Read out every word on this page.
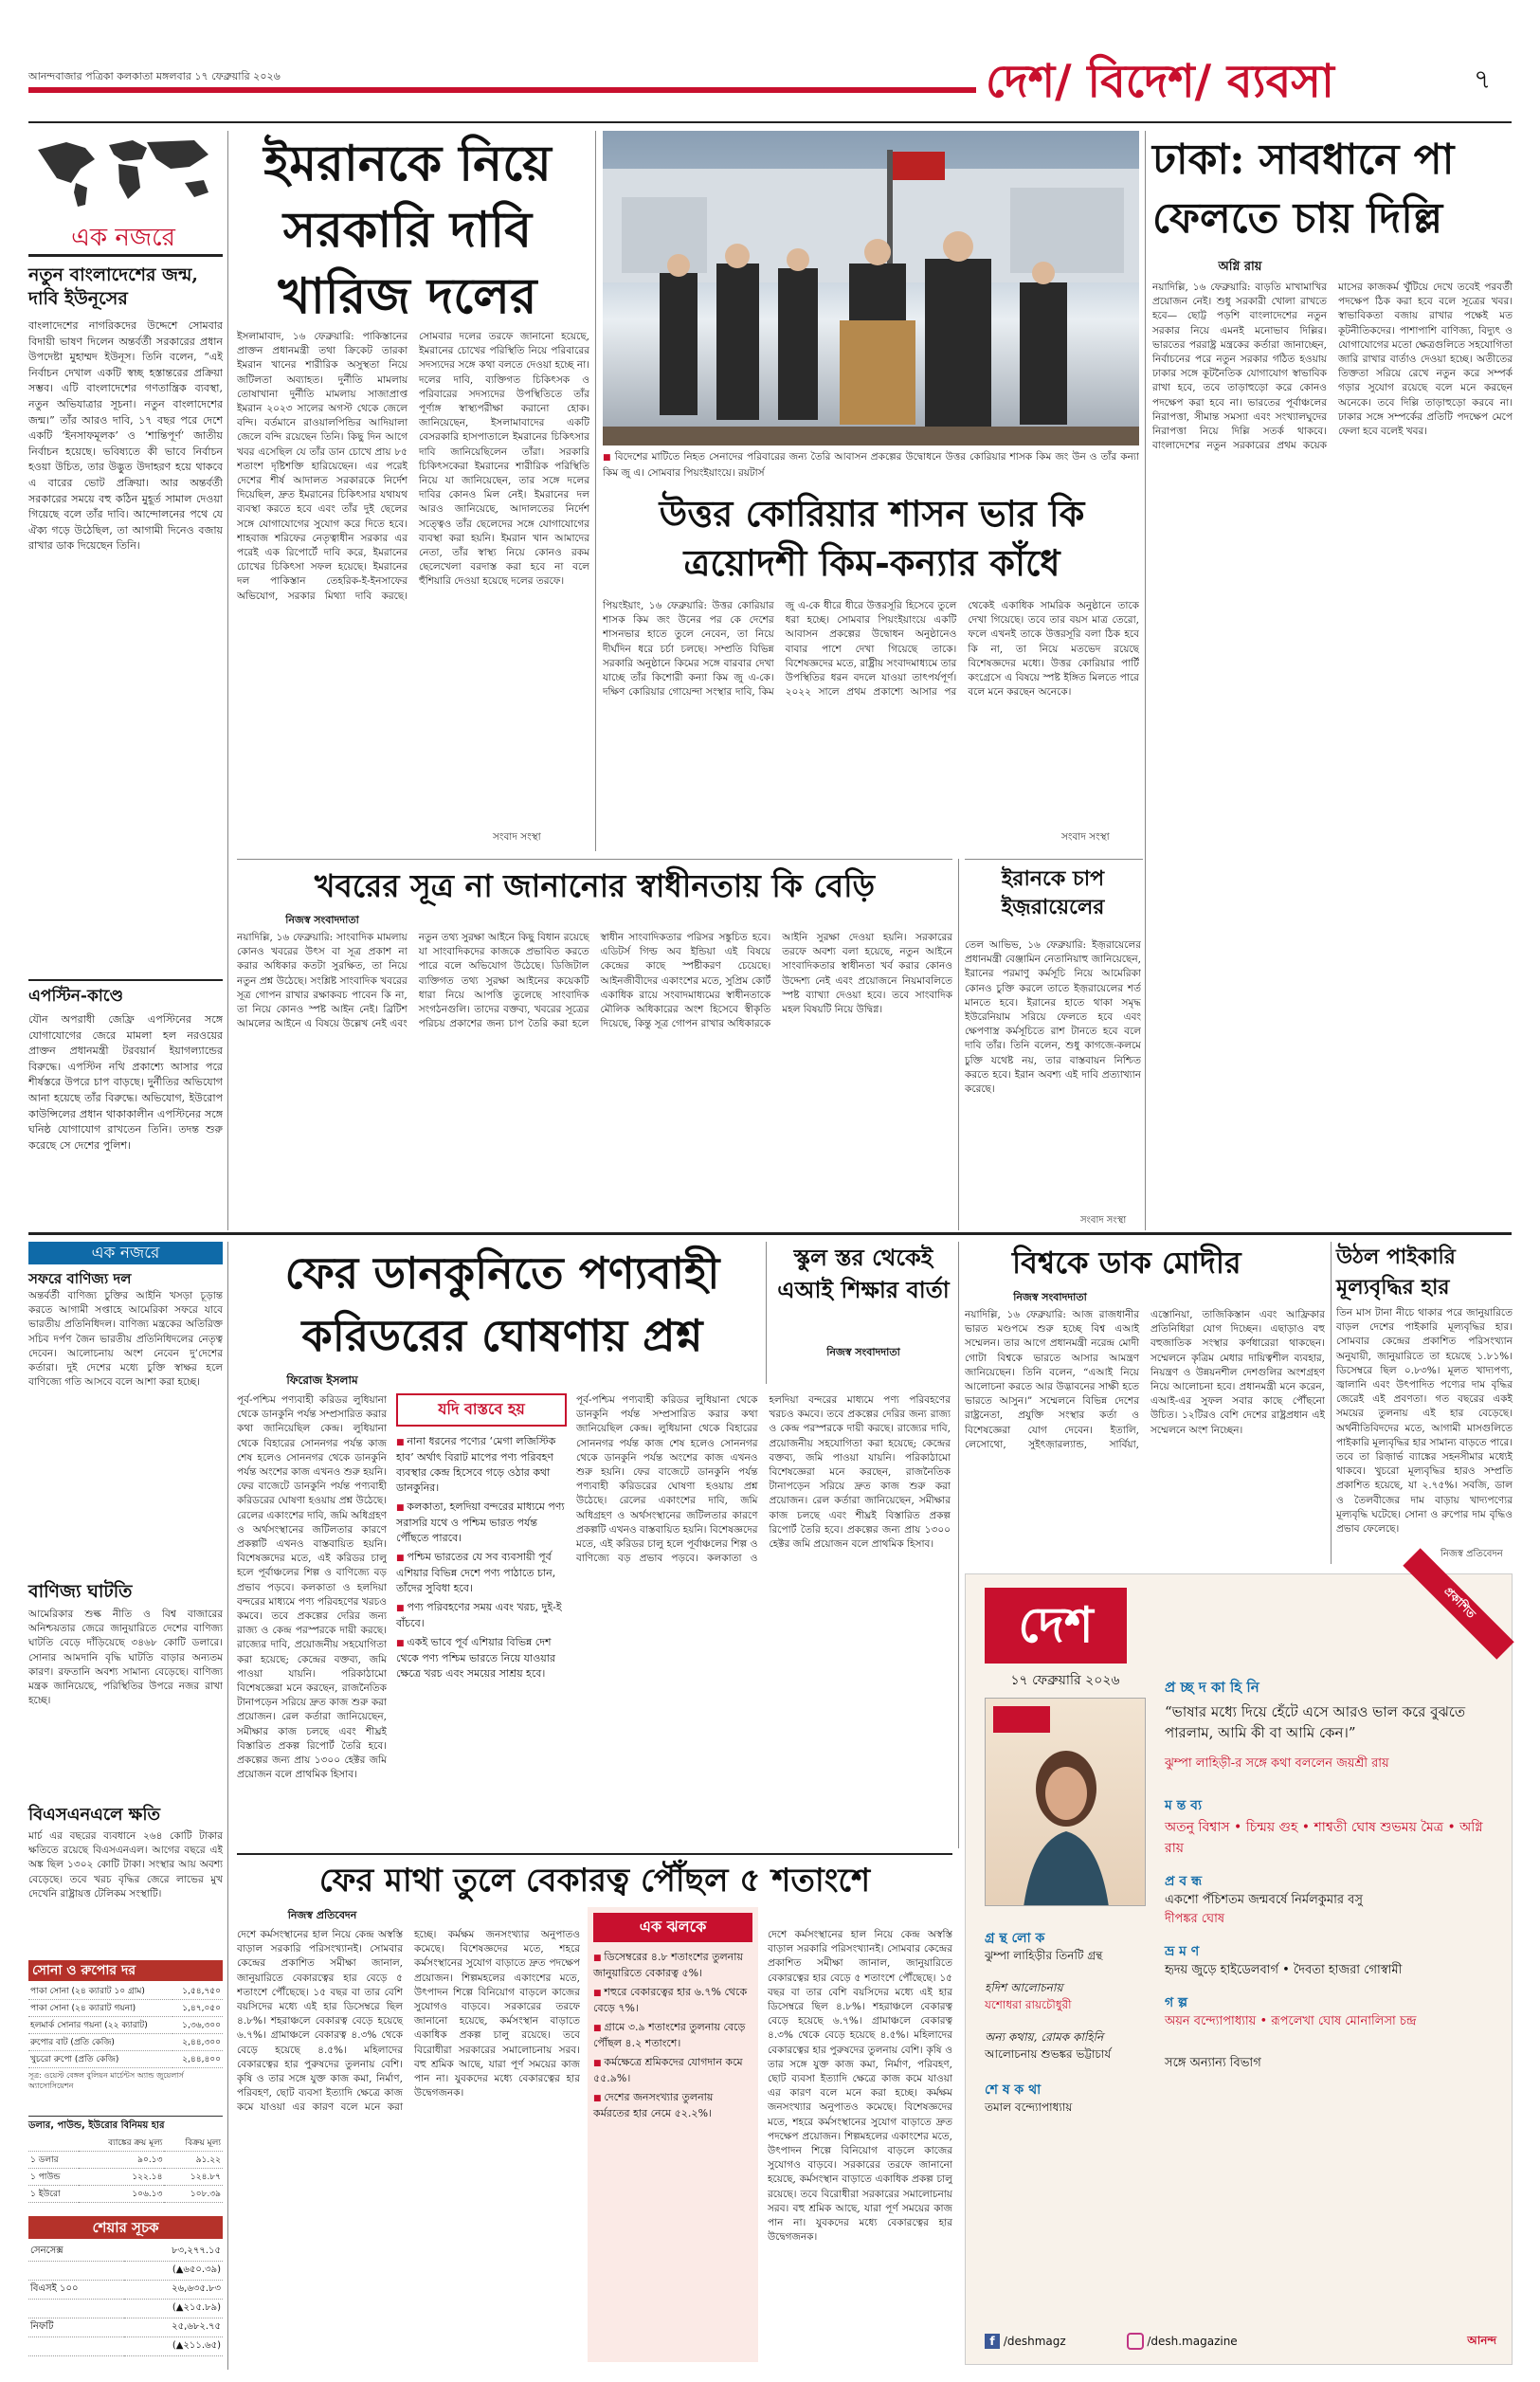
আনন্দবাজার পত্রিকা কলকাতা মঙ্গলবার ১৭ ফেব্রুয়ারি ২০২৬	দেশ/ বিদেশ/ ব্যবসা	৭
এক নজরে
নতুন বাংলাদেশের জন্ম, দাবি ইউনূসের
বাংলাদেশের নাগরিকদের উদ্দেশে সোমবার বিদায়ী ভাষণ দিলেন অন্তর্বর্তী সরকারের প্রধান উপদেষ্টা মুহাম্মদ ইউনূস। তিনি বলেন, “এই নির্বাচন দেখাল একটি স্বচ্ছ হস্তান্তরের প্রক্রিয়া সম্ভব। এটি বাংলাদেশের গণতান্ত্রিক ব্যবস্থা, নতুন অভিযাত্রার সূচনা। নতুন বাংলাদেশের জন্ম।” তাঁর আরও দাবি, ১৭ বছর পরে দেশে একটি ‘ইনসাফমূলক’ ও ‘শান্তিপূর্ণ’ জাতীয় নির্বাচন হয়েছে। ভবিষ্যতে কী ভাবে নির্বাচন হওয়া উচিত, তার উদ্ভুত উদাহরণ হয়ে থাকবে এ বারের ভোট প্রক্রিয়া। আর অন্তর্বর্তী সরকারের সময়ে বহু কঠিন মুহূর্ত সামাল দেওয়া গিয়েছে বলে তাঁর দাবি। আন্দোলনের পথে যে ঐক্য গড়ে উঠেছিল, তা আগামী দিনেও বজায় রাখার ডাক দিয়েছেন তিনি।
এপস্টিন-কাণ্ডে
যৌন অপরাধী জেফ্রি এপস্টিনের সঙ্গে যোগাযোগের জেরে মামলা হল নরওয়ের প্রাক্তন প্রধানমন্ত্রী টরবয়ার্ন ইয়াগল্যান্ডের বিরুদ্ধে। এপস্টিন নথি প্রকাশ্যে আসার পরে শীর্ষস্তরে উপরে চাপ বাড়ছে। দুর্নীতির অভিযোগ আনা হয়েছে তাঁর বিরুদ্ধে। অভিযোগ, ইউরোপ কাউন্সিলের প্রধান থাকাকালীন এপস্টিনের সঙ্গে ঘনিষ্ঠ যোগাযোগ রাখতেন তিনি। তদন্ত শুরু করেছে সে দেশের পুলিশ।
ইমরানকে নিয়ে সরকারি দাবি খারিজ দলের
ইসলামাবাদ, ১৬ ফেব্রুয়ারি: পাকিস্তানের প্রাক্তন প্রধানমন্ত্রী তথা ক্রিকেট তারকা ইমরান খানের শারীরিক অসুস্থতা নিয়ে জটিলতা অব্যাহত। দুর্নীতি মামলায় তোষাখানা দুর্নীতি মামলায় সাজাপ্রাপ্ত ইমরান ২০২৩ সালের অগস্ট থেকে জেলে বন্দি। বর্তমানে রাওয়ালপিন্ডির আদিয়ালা জেলে বন্দি রয়েছেন তিনি। কিছু দিন আগে খবর এসেছিল যে তাঁর ডান চোখে প্রায় ৮৫ শতাংশ দৃষ্টিশক্তি হারিয়েছেন। এর পরেই দেশের শীর্ষ আদালত সরকারকে নির্দেশ দিয়েছিল, দ্রুত ইমরানের চিকিৎসার যথাযথ ব্যবস্থা করতে হবে এবং তাঁর দুই ছেলের সঙ্গে যোগাযোগের সুযোগ করে দিতে হবে। শাহবাজ শরিফের নেতৃত্বাধীন সরকার এর পরেই এক রিপোর্টে দাবি করে, ইমরানের চোখের চিকিৎসা সফল হয়েছে। ইমরানের দল পাকিস্তান তেহরিক-ই-ইনসাফের অভিযোগ, সরকার মিথ্যা দাবি করছে। সোমবার দলের তরফে জানানো হয়েছে, ইমরানের চোখের পরিস্থিতি নিয়ে পরিবারের সদস্যদের সঙ্গে কথা বলতে দেওয়া হচ্ছে না। দলের দাবি, ব্যক্তিগত চিকিৎসক ও পরিবারের সদস্যদের উপস্থিতিতে তাঁর পূর্ণাঙ্গ স্বাস্থ্যপরীক্ষা করানো হোক। জানিয়েছেন, ইসলামাবাদের একটি বেসরকারি হাসপাতালে ইমরানের চিকিৎসার দাবি জানিয়েছিলেন তাঁরা। সরকারি চিকিৎসকেরা ইমরানের শারীরিক পরিস্থিতি নিয়ে যা জানিয়েছেন, তার সঙ্গে দলের দাবির কোনও মিল নেই। ইমরানের দল আরও জানিয়েছে, আদালতের নির্দেশ সত্ত্বেও তাঁর ছেলেদের সঙ্গে যোগাযোগের ব্যবস্থা করা হয়নি। ইমরান খান আমাদের নেতা, তাঁর স্বাস্থ্য নিয়ে কোনও রকম ছেলেখেলা বরদাস্ত করা হবে না বলে হুঁশিয়ারি দেওয়া হয়েছে দলের তরফে।
সংবাদ সংস্থা
■ বিদেশের মাটিতে নিহত সেনাদের পরিবারের জন্য তৈরি আবাসন প্রকল্পের উদ্বোধনে উত্তর কোরিয়ার শাসক কিম জং উন ও তাঁর কন্যা কিম জু এ। সোমবার পিয়ংইয়াংয়ে। রয়টার্স
উত্তর কোরিয়ার শাসন ভার কি ত্রয়োদশী কিম-কন্যার কাঁধে
পিয়ংইয়াং, ১৬ ফেব্রুয়ারি: উত্তর কোরিয়ার শাসক কিম জং উনের পর কে দেশের শাসনভার হাতে তুলে নেবেন, তা নিয়ে দীর্ঘদিন ধরে চর্চা চলছে। সম্প্রতি বিভিন্ন সরকারি অনুষ্ঠানে কিমের সঙ্গে বারবার দেখা যাচ্ছে তাঁর কিশোরী কন্যা কিম জু এ-কে। দক্ষিণ কোরিয়ার গোয়েন্দা সংস্থার দাবি, কিম জু এ-কে ধীরে ধীরে উত্তরসূরি হিসেবে তুলে ধরা হচ্ছে। সোমবার পিয়ংইয়াংয়ে একটি আবাসন প্রকল্পের উদ্বোধন অনুষ্ঠানেও বাবার পাশে দেখা গিয়েছে তাকে। বিশেষজ্ঞদের মতে, রাষ্ট্রীয় সংবাদমাধ্যমে তার উপস্থিতির ধরন বদলে যাওয়া তাৎপর্যপূর্ণ। ২০২২ সালে প্রথম প্রকাশ্যে আসার পর থেকেই একাধিক সামরিক অনুষ্ঠানে তাকে দেখা গিয়েছে। তবে তার বয়স মাত্র তেরো, ফলে এখনই তাকে উত্তরসূরি বলা ঠিক হবে কি না, তা নিয়ে মতভেদ রয়েছে বিশেষজ্ঞদের মধ্যে। উত্তর কোরিয়ার পার্টি কংগ্রেসে এ বিষয়ে স্পষ্ট ইঙ্গিত মিলতে পারে বলে মনে করছেন অনেকে।
সংবাদ সংস্থা
ঢাকা: সাবধানে পা ফেলতে চায় দিল্লি
অগ্নি রায়
নয়াদিল্লি, ১৬ ফেব্রুয়ারি: বাড়তি মাখামাখির প্রয়োজন নেই। শুধু সরকারী খোলা রাখতে হবে— ছোট্ট পড়শি বাংলাদেশের নতুন সরকার নিয়ে এমনই মনোভাব দিল্লির। ভারতের পররাষ্ট্র মন্ত্রকের কর্তারা জানাচ্ছেন, নির্বাচনের পরে নতুন সরকার গঠিত হওয়ায় ঢাকার সঙ্গে কূটনৈতিক যোগাযোগ স্বাভাবিক রাখা হবে, তবে তাড়াহুড়ো করে কোনও পদক্ষেপ করা হবে না। ভারতের পূর্বাঞ্চলের নিরাপত্তা, সীমান্ত সমস্যা এবং সংখ্যালঘুদের নিরাপত্তা নিয়ে দিল্লি সতর্ক থাকবে। বাংলাদেশের নতুন সরকারের প্রথম কয়েক মাসের কাজকর্ম খুঁটিয়ে দেখে তবেই পরবর্তী পদক্ষেপ ঠিক করা হবে বলে সূত্রের খবর। স্বাভাবিকতা বজায় রাখার পক্ষেই মত কূটনীতিকদের। পাশাপাশি বাণিজ্য, বিদ্যুৎ ও যোগাযোগের মতো ক্ষেত্রগুলিতে সহযোগিতা জারি রাখার বার্তাও দেওয়া হচ্ছে। অতীতের তিক্ততা সরিয়ে রেখে নতুন করে সম্পর্ক গড়ার সুযোগ রয়েছে বলে মনে করছেন অনেকে। তবে দিল্লি তাড়াহুড়ো করবে না। ঢাকার সঙ্গে সম্পর্কের প্রতিটি পদক্ষেপ মেপে ফেলা হবে বলেই খবর।
ইরানকে চাপ ইজ়রায়েলের
তেল আভিভ, ১৬ ফেব্রুয়ারি: ইজ়রায়েলের প্রধানমন্ত্রী বেঞ্জামিন নেতানিয়াহু জানিয়েছেন, ইরানের পরমাণু কর্মসূচি নিয়ে আমেরিকা কোনও চুক্তি করলে তাতে ইজ়রায়েলের শর্ত মানতে হবে। ইরানের হাতে থাকা সমৃদ্ধ ইউরেনিয়াম সরিয়ে ফেলতে হবে এবং ক্ষেপণাস্ত্র কর্মসূচিতে রাশ টানতে হবে বলে দাবি তাঁর। তিনি বলেন, শুধু কাগজে-কলমে চুক্তি যথেষ্ট নয়, তার বাস্তবায়ন নিশ্চিত করতে হবে। ইরান অবশ্য এই দাবি প্রত্যাখ্যান করেছে।
সংবাদ সংস্থা
খবরের সূত্র না জানানোর স্বাধীনতায় কি বেড়ি
নিজস্ব সংবাদদাতা
নয়াদিল্লি, ১৬ ফেব্রুয়ারি: সাংবাদিক মামলায় কোনও খবরের উৎস বা সূত্র প্রকাশ না করার অধিকার কতটা সুরক্ষিত, তা নিয়ে নতুন প্রশ্ন উঠেছে। সংশ্লিষ্ট সাংবাদিক খবরের সূত্র গোপন রাখার রক্ষাকবচ পাবেন কি না, তা নিয়ে কোনও স্পষ্ট আইন নেই। ব্রিটিশ আমলের আইনে এ বিষয়ে উল্লেখ নেই এবং নতুন তথ্য সুরক্ষা আইনে কিছু বিধান রয়েছে যা সাংবাদিকদের কাজকে প্রভাবিত করতে পারে বলে অভিযোগ উঠেছে। ডিজিটাল ব্যক্তিগত তথ্য সুরক্ষা আইনের কয়েকটি ধারা নিয়ে আপত্তি তুলেছে সাংবাদিক সংগঠনগুলি। তাদের বক্তব্য, খবরের সূত্রের পরিচয় প্রকাশের জন্য চাপ তৈরি করা হলে স্বাধীন সাংবাদিকতার পরিসর সঙ্কুচিত হবে। এডিটর্স গিল্ড অব ইন্ডিয়া এই বিষয়ে কেন্দ্রের কাছে স্পষ্টীকরণ চেয়েছে। আইনজীবীদের একাংশের মতে, সুপ্রিম কোর্ট একাধিক রায়ে সংবাদমাধ্যমের স্বাধীনতাকে মৌলিক অধিকারের অংশ হিসেবে স্বীকৃতি দিয়েছে, কিন্তু সূত্র গোপন রাখার অধিকারকে আইনি সুরক্ষা দেওয়া হয়নি। সরকারের তরফে অবশ্য বলা হয়েছে, নতুন আইনে সাংবাদিকতার স্বাধীনতা খর্ব করার কোনও উদ্দেশ্য নেই এবং প্রয়োজনে নিয়মাবলিতে স্পষ্ট ব্যাখ্যা দেওয়া হবে। তবে সাংবাদিক মহল বিষয়টি নিয়ে উদ্বিগ্ন।
এক নজরে
সফরে বাণিজ্য দল
অন্তর্বর্তী বাণিজ্য চুক্তির আইনি খসড়া চূড়ান্ত করতে আগামী সপ্তাহে আমেরিকা সফরে যাবে ভারতীয় প্রতিনিধিদল। বাণিজ্য মন্ত্রকের অতিরিক্ত সচিব দর্পণ জৈন ভারতীয় প্রতিনিধিদলের নেতৃত্ব দেবেন। আলোচনায় অংশ নেবেন দু’দেশের কর্তারা। দুই দেশের মধ্যে চুক্তি স্বাক্ষর হলে বাণিজ্যে গতি আসবে বলে আশা করা হচ্ছে।
বাণিজ্য ঘাটতি
আমেরিকার শুল্ক নীতি ও বিশ্ব বাজারের অনিশ্চয়তার জেরে জানুয়ারিতে দেশের বাণিজ্য ঘাটতি বেড়ে দাঁড়িয়েছে ৩৪৬৮ কোটি ডলারে। সোনার আমদানি বৃদ্ধি ঘাটতি বাড়ার অন্যতম কারণ। রফতানি অবশ্য সামান্য বেড়েছে। বাণিজ্য মন্ত্রক জানিয়েছে, পরিস্থিতির উপরে নজর রাখা হচ্ছে।
বিএসএনএলে ক্ষতি
মার্চ এর বছরের ব্যবধানে ২৬৪ কোটি টাকার ক্ষতিতে রয়েছে বিএসএনএল। আগের বছরে এই অঙ্ক ছিল ১৩০২ কোটি টাকা। সংস্থার আয় অবশ্য বেড়েছে। তবে খরচ বৃদ্ধির জেরে লাভের মুখ দেখেনি রাষ্ট্রায়ত্ত টেলিকম সংস্থাটি।
সোনা ও রুপোর দর
পাকা সোনা (২৪ ক্যারাট ১০ গ্রাম)	১,৫৪,৭৫০
পাকা সোনা (২৪ ক্যারাট গয়না)	১,৪৭,০৫০
হলমার্ক সোনার গয়না (২২ ক্যারাট)	১,৩৬,৩০০
রুপোর বাট (প্রতি কেজি)	২,৪৪,৩০০
খুচরো রুপো (প্রতি কেজি)	২,৪৪,৪০০
সূত্র: ওয়েস্ট বেঙ্গল বুলিয়ন মার্চেন্টস অ্যান্ড জুয়েলার্স অ্যাসোসিয়েশন
ডলার, পাউন্ড, ইউরোর বিনিময় হার
	ব্যাঙ্কের ক্রয় মূল্য	বিক্রয় মূল্য
১ ডলার	৯০.১৩	৯১.২২
১ পাউন্ড	১২২.১৪	১২৪.৮৭
১ ইউরো	১০৬.১৩	১০৮.৩৯
শেয়ার সূচক
সেনসেক্স	৮৩,২৭৭.১৫
	(▲৬৫০.৩৯)
বিএসই ১০০	২৬,৬৩৫.৮৩
	(▲২১৫.৮৯)
নিফটি	২৫,৬৮২.৭৫
	(▲২১১.৬৫)
ফের ডানকুনিতে পণ্যবাহী করিডরের ঘোষণায় প্রশ্ন
ফিরোজ ইসলাম
পূর্ব-পশ্চিম পণ্যবাহী করিডর লুধিয়ানা থেকে ডানকুনি পর্যন্ত সম্প্রসারিত করার কথা জানিয়েছিল কেন্দ্র। লুধিয়ানা থেকে বিহারের সোননগর পর্যন্ত কাজ শেষ হলেও সোননগর থেকে ডানকুনি পর্যন্ত অংশের কাজ এখনও শুরু হয়নি। ফের বাজেটে ডানকুনি পর্যন্ত পণ্যবাহী করিডরের ঘোষণা হওয়ায় প্রশ্ন উঠেছে। রেলের একাংশের দাবি, জমি অধিগ্রহণ ও অর্থসংস্থানের জটিলতার কারণে প্রকল্পটি এখনও বাস্তবায়িত হয়নি। বিশেষজ্ঞদের মতে, এই করিডর চালু হলে পূর্বাঞ্চলের শিল্প ও বাণিজ্যে বড় প্রভাব পড়বে। কলকাতা ও হলদিয়া বন্দরের মাধ্যমে পণ্য পরিবহণের খরচও কমবে। তবে প্রকল্পের দেরির জন্য রাজ্য ও কেন্দ্র পরস্পরকে দায়ী করছে। রাজ্যের দাবি, প্রয়োজনীয় সহযোগিতা করা হয়েছে; কেন্দ্রের বক্তব্য, জমি পাওয়া যায়নি। পরিকাঠামো বিশেষজ্ঞেরা মনে করছেন, রাজনৈতিক টানাপড়েন সরিয়ে দ্রুত কাজ শুরু করা প্রয়োজন। রেল কর্তারা জানিয়েছেন, সমীক্ষার কাজ চলছে এবং শীঘ্রই বিস্তারিত প্রকল্প রিপোর্ট তৈরি হবে। প্রকল্পের জন্য প্রায় ১৩০০ হেক্টর জমি প্রয়োজন বলে প্রাথমিক হিসাব।
যদি বাস্তবে হয়
■ নানা ধরনের পণ্যের ‘মেগা লজিস্টিক হাব’ অর্থাৎ বিরাট মাপের পণ্য পরিবহণ ব্যবস্থার কেন্দ্র হিসেবে গড়ে ওঠার কথা ডানকুনির।
■ কলকাতা, হলদিয়া বন্দরের মাধ্যমে পণ্য সরাসরি যথে ও পশ্চিম ভারত পর্যন্ত পৌঁছতে পারবে।
■ পশ্চিম ভারতের যে সব ব্যবসায়ী পূর্ব এশিয়ার বিভিন্ন দেশে পণ্য পাঠাতে চান, তাঁদের সুবিধা হবে।
■ পণ্য পরিবহণের সময় এবং খরচ, দুই-ই বাঁচবে।
■ একই ভাবে পূর্ব এশিয়ার বিভিন্ন দেশ থেকে পণ্য পশ্চিম ভারতে নিয়ে যাওয়ার ক্ষেত্রে খরচ এবং সময়ের সাশ্রয় হবে।
পূর্ব-পশ্চিম পণ্যবাহী করিডর লুধিয়ানা থেকে ডানকুনি পর্যন্ত সম্প্রসারিত করার কথা জানিয়েছিল কেন্দ্র। লুধিয়ানা থেকে বিহারের সোননগর পর্যন্ত কাজ শেষ হলেও সোননগর থেকে ডানকুনি পর্যন্ত অংশের কাজ এখনও শুরু হয়নি। ফের বাজেটে ডানকুনি পর্যন্ত পণ্যবাহী করিডরের ঘোষণা হওয়ায় প্রশ্ন উঠেছে। রেলের একাংশের দাবি, জমি অধিগ্রহণ ও অর্থসংস্থানের জটিলতার কারণে প্রকল্পটি এখনও বাস্তবায়িত হয়নি। বিশেষজ্ঞদের মতে, এই করিডর চালু হলে পূর্বাঞ্চলের শিল্প ও বাণিজ্যে বড় প্রভাব পড়বে। কলকাতা ও হলদিয়া বন্দরের মাধ্যমে পণ্য পরিবহণের খরচও কমবে। তবে প্রকল্পের দেরির জন্য রাজ্য ও কেন্দ্র পরস্পরকে দায়ী করছে। রাজ্যের দাবি, প্রয়োজনীয় সহযোগিতা করা হয়েছে; কেন্দ্রের বক্তব্য, জমি পাওয়া যায়নি। পরিকাঠামো বিশেষজ্ঞেরা মনে করছেন, রাজনৈতিক টানাপড়েন সরিয়ে দ্রুত কাজ শুরু করা প্রয়োজন। রেল কর্তারা জানিয়েছেন, সমীক্ষার কাজ চলছে এবং শীঘ্রই বিস্তারিত প্রকল্প রিপোর্ট তৈরি হবে। প্রকল্পের জন্য প্রায় ১৩০০ হেক্টর জমি প্রয়োজন বলে প্রাথমিক হিসাব।
স্কুল স্তর থেকেই এআই শিক্ষার বার্তা
নিজস্ব সংবাদদাতা
বিশ্বকে ডাক মোদীর
নিজস্ব সংবাদদাতা
নয়াদিল্লি, ১৬ ফেব্রুয়ারি: আজ রাজধানীর ভারত মণ্ডপমে শুরু হচ্ছে বিশ্ব এআই সম্মেলন। তার আগে প্রধানমন্ত্রী নরেন্দ্র মোদী গোটা বিশ্বকে ভারতে আসার আমন্ত্রণ জানিয়েছেন। তিনি বলেন, “এআই নিয়ে আলোচনা করতে আর উদ্ভাবনের সাক্ষী হতে ভারতে আসুন।” সম্মেলনে বিভিন্ন দেশের রাষ্ট্রনেতা, প্রযুক্তি সংস্থার কর্তা ও বিশেষজ্ঞেরা যোগ দেবেন। ইতালি, লেসোথো, সুইৎজ়ারল্যান্ড, সার্বিয়া, এস্তোনিয়া, তাজিকিস্তান এবং আফ্রিকার প্রতিনিধিরা যোগ দিচ্ছেন। এছাড়াও বহু বহুজাতিক সংস্থার কর্ণধারেরা থাকছেন। সম্মেলনে কৃত্রিম মেধার দায়িত্বশীল ব্যবহার, নিয়ন্ত্রণ ও উন্নয়নশীল দেশগুলির অংশগ্রহণ নিয়ে আলোচনা হবে। প্রধানমন্ত্রী মনে করেন, এআই-এর সুফল সবার কাছে পৌঁছনো উচিত। ১২টিরও বেশি দেশের রাষ্ট্রপ্রধান এই সম্মেলনে অংশ নিচ্ছেন।
উঠল পাইকারি মূল্যবৃদ্ধির হার
তিন মাস টানা নীচে থাকার পরে জানুয়ারিতে বাড়ল দেশের পাইকারি মূল্যবৃদ্ধির হার। সোমবার কেন্দ্রের প্রকাশিত পরিসংখ্যান অনুযায়ী, জানুয়ারিতে তা হয়েছে ১.৮১%। ডিসেম্বরে ছিল ০.৮৩%। মূলত খাদ্যপণ্য, জ্বালানি এবং উৎপাদিত পণ্যের দাম বৃদ্ধির জেরেই এই প্রবণতা। গত বছরের একই সময়ের তুলনায় এই হার বেড়েছে। অর্থনীতিবিদদের মতে, আগামী মাসগুলিতে পাইকারি মূল্যবৃদ্ধির হার সামান্য বাড়তে পারে। তবে তা রিজ়ার্ভ ব্যাঙ্কের সহনসীমার মধ্যেই থাকবে। খুচরো মূল্যবৃদ্ধির হারও সম্প্রতি প্রকাশিত হয়েছে, যা ২.৭৫%। সবজি, ডাল ও তৈলবীজের দাম বাড়ায় খাদ্যপণ্যের মূল্যবৃদ্ধি ঘটেছে। সোনা ও রুপোর দাম বৃদ্ধিও প্রভাব ফেলেছে।
নিজস্ব প্রতিবেদন
প্রকাশিত
দেশ
১৭ ফেব্রুয়ারি ২০২৬	প্র চ্ছ দ কা হি নি
“ভাষার মধ্যে দিয়ে হেঁটে এসে আরও ভাল করে বুঝতে পারলাম, আমি কী বা আমি কেন।”
ঝুম্পা লাহিড়ী-র সঙ্গে কথা বললেন জয়শ্রী রায়
ম ন্ত ব্য
অতনু বিশ্বাস • চিন্ময় গুহ • শাশ্বতী ঘোষ শুভময় মৈত্র • অগ্নি রায়
প্র ব ন্ধ
একশো পঁচিশতম জন্মবর্ষে নির্মলকুমার বসু
দীপঙ্কর ঘোষ
ভ্র ম ণ
হৃদয় জুড়ে হাইডেলবার্গ • দৈবতা হাজরা গোস্বামী
গ ল্প
অয়ন বন্দ্যোপাধ্যায় • রূপলেখা ঘোষ মোনালিসা চন্দ্র
সঙ্গে অন্যান্য বিভাগ
গ্র ন্থ লো ক
ঝুম্পা লাহিড়ীর তিনটি গ্রন্থ
হদিশ আলোচনায়
যশোধরা রায়চৌধুরী
অন্য কথায়, রোমক কাহিনি
আলোচনায় শুভঙ্কর ভট্টাচার্য
শে ষ ক থা
তমাল বন্দ্যোপাধ্যায়
f /deshmagz	/desh.magazine	আনন্দ
ফের মাথা তুলে বেকারত্ব পৌঁছল ৫ শতাংশে
নিজস্ব প্রতিবেদন
দেশে কর্মসংস্থানের হাল নিয়ে কেন্দ্র অস্বস্তি বাড়াল সরকারি পরিসংখ্যানই। সোমবার কেন্দ্রের প্রকাশিত সমীক্ষা জানাল, জানুয়ারিতে বেকারত্বের হার বেড়ে ৫ শতাংশে পৌঁছেছে। ১৫ বছর বা তার বেশি বয়সিদের মধ্যে এই হার ডিসেম্বরে ছিল ৪.৮%। শহরাঞ্চলে বেকারত্ব বেড়ে হয়েছে ৬.৭%। গ্রামাঞ্চলে বেকারত্ব ৪.৩% থেকে বেড়ে হয়েছে ৪.৫%। মহিলাদের বেকারত্বের হার পুরুষদের তুলনায় বেশি। কৃষি ও তার সঙ্গে যুক্ত কাজ কমা, নির্মাণ, পরিবহণ, ছোট ব্যবসা ইত্যাদি ক্ষেত্রে কাজ কমে যাওয়া এর কারণ বলে মনে করা হচ্ছে। কর্মক্ষম জনসংখ্যার অনুপাতও কমেছে। বিশেষজ্ঞদের মতে, শহরে কর্মসংস্থানের সুযোগ বাড়াতে দ্রুত পদক্ষেপ প্রয়োজন। শিল্পমহলের একাংশের মতে, উৎপাদন শিল্পে বিনিয়োগ বাড়লে কাজের সুযোগও বাড়বে। সরকারের তরফে জানানো হয়েছে, কর্মসংস্থান বাড়াতে একাধিক প্রকল্প চালু রয়েছে। তবে বিরোধীরা সরকারের সমালোচনায় সরব। বহু শ্রমিক আছে, যারা পূর্ণ সময়ের কাজ পান না। যুবকদের মধ্যে বেকারত্বের হার উদ্বেগজনক।
এক ঝলকে
■ ডিসেম্বরের ৪.৮ শতাংশের তুলনায় জানুয়ারিতে বেকারত্ব ৫%।
■ শহুরে বেকারত্বের হার ৬.৭% থেকে বেড়ে ৭%।
■ গ্রামে ৩.৯ শতাংশের তুলনায় বেড়ে পৌঁছল ৪.২ শতাংশে।
■ কর্মক্ষেত্রে শ্রমিকদের যোগদান কমে ৫৫.৯%।
■ দেশের জনসংখ্যার তুলনায় কর্মরতের হার নেমে ৫২.২%।
দেশে কর্মসংস্থানের হাল নিয়ে কেন্দ্র অস্বস্তি বাড়াল সরকারি পরিসংখ্যানই। সোমবার কেন্দ্রের প্রকাশিত সমীক্ষা জানাল, জানুয়ারিতে বেকারত্বের হার বেড়ে ৫ শতাংশে পৌঁছেছে। ১৫ বছর বা তার বেশি বয়সিদের মধ্যে এই হার ডিসেম্বরে ছিল ৪.৮%। শহরাঞ্চলে বেকারত্ব বেড়ে হয়েছে ৬.৭%। গ্রামাঞ্চলে বেকারত্ব ৪.৩% থেকে বেড়ে হয়েছে ৪.৫%। মহিলাদের বেকারত্বের হার পুরুষদের তুলনায় বেশি। কৃষি ও তার সঙ্গে যুক্ত কাজ কমা, নির্মাণ, পরিবহণ, ছোট ব্যবসা ইত্যাদি ক্ষেত্রে কাজ কমে যাওয়া এর কারণ বলে মনে করা হচ্ছে। কর্মক্ষম জনসংখ্যার অনুপাতও কমেছে। বিশেষজ্ঞদের মতে, শহরে কর্মসংস্থানের সুযোগ বাড়াতে দ্রুত পদক্ষেপ প্রয়োজন। শিল্পমহলের একাংশের মতে, উৎপাদন শিল্পে বিনিয়োগ বাড়লে কাজের সুযোগও বাড়বে। সরকারের তরফে জানানো হয়েছে, কর্মসংস্থান বাড়াতে একাধিক প্রকল্প চালু রয়েছে। তবে বিরোধীরা সরকারের সমালোচনায় সরব। বহু শ্রমিক আছে, যারা পূর্ণ সময়ের কাজ পান না। যুবকদের মধ্যে বেকারত্বের হার উদ্বেগজনক।
